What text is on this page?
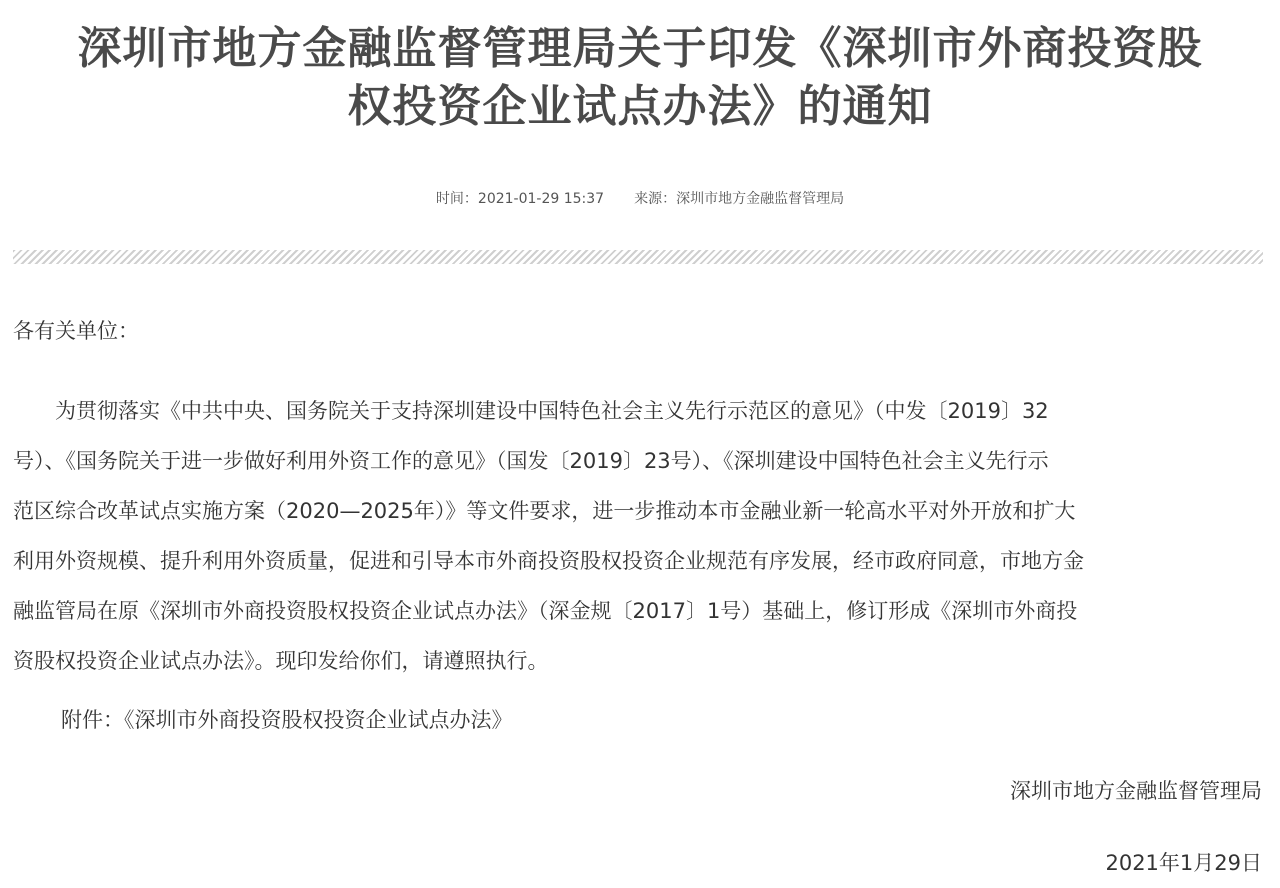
深圳市地方金融监督管理局关于印发《深圳市外商投资股
权投资企业试点办法》的通知
时间：2021-01-29 15:37 来源：深圳市地方金融监督管理局
各有关单位：
　　为贯彻落实《中共中央、国务院关于支持深圳建设中国特色社会主义先行示范区的意见》（中发〔2019〕32
号）、《国务院关于进一步做好利用外资工作的意见》（国发〔2019〕23号）、《深圳建设中国特色社会主义先行示
范区综合改革试点实施方案（2020—2025年）》等文件要求，进一步推动本市金融业新一轮高水平对外开放和扩大
利用外资规模、提升利用外资质量，促进和引导本市外商投资股权投资企业规范有序发展，经市政府同意，市地方金
融监管局在原《深圳市外商投资股权投资企业试点办法》（深金规〔2017〕1号）基础上，修订形成《深圳市外商投
资股权投资企业试点办法》。现印发给你们，请遵照执行。
附件：《深圳市外商投资股权投资企业试点办法》
深圳市地方金融监督管理局
2021年1月29日
